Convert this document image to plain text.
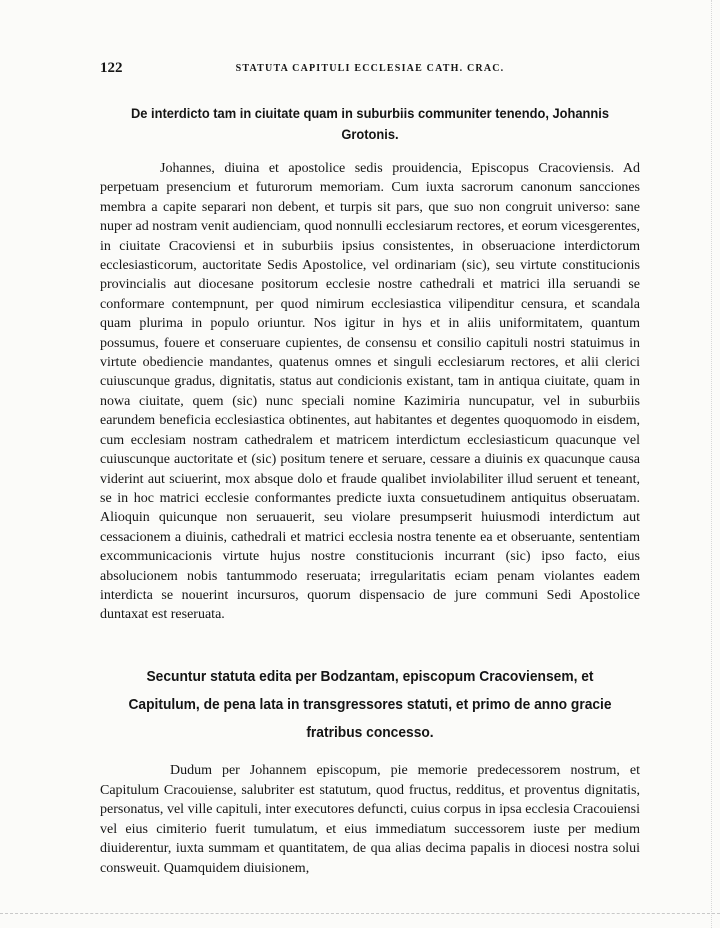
122	STATUTA CAPITULI ECCLESIAE CATH. CRAC.
De interdicto tam in ciuitate quam in suburbiis communiter tenendo, Johannis Grotonis.

Johannes, diuina et apostolice sedis prouidencia, Episcopus Cracoviensis. Ad perpetuam presencium et futurorum memoriam. Cum iuxta sacrorum canonum sancciones membra a capite separari non debent, et turpis sit pars, que suo non congruit universo: sane nuper ad nostram venit audienciam, quod nonnulli ecclesiarum rectores, et eorum vicesgerentes, in ciuitate Cracoviensi et in suburbiis ipsius consistentes, in obseruacione interdictorum ecclesiasticorum, auctoritate Sedis Apostolice, vel ordinariam (sic), seu virtute constitucionis provincialis aut diocesane positorum ecclesie nostre cathedrali et matrici illa seruandi se conformare contempnunt, per quod nimirum ecclesiastica vilipenditur censura, et scandala quam plurima in populo oriuntur. Nos igitur in hys et in aliis uniformitatem, quantum possumus, fouere et conseruare cupientes, de consensu et consilio capituli nostri statuimus in virtute obediencie mandantes, quatenus omnes et singuli ecclesiarum rectores, et alii clerici cuiuscunque gradus, dignitatis, status aut condicionis existant, tam in antiqua ciuitate, quam in nowa ciuitate, quem (sic) nunc speciali nomine Kazimiria nuncupatur, vel in suburbiis earundem beneficia ecclesiastica obtinentes, aut habitantes et degentes quoquomodo in eisdem, cum ecclesiam nostram cathedralem et matricem interdictum ecclesiasticum quacunque vel cuiuscunque auctoritate et (sic) positum tenere et seruare, cessare a diuinis ex quacunque causa viderint aut sciuerint, mox absque dolo et fraude qualibet inviolabiliter illud seruent et teneant, se in hoc matrici ecclesie conformantes predicte iuxta consuetudinem antiquitus obseruatam. Alioquin quicunque non seruauerit, seu violare presumpserit huiusmodi interdictum aut cessacionem a diuinis, cathedrali et matrici ecclesia nostra tenente ea et obseruante, sententiam excommunicacionis virtute hujus nostre constitucionis incurrant (sic) ipso facto, eius absolucionem nobis tantummodo reseruata; irregularitatis eciam penam violantes eadem interdicta se nouerint incursuros, quorum dispensacio de jure communi Sedi Apostolice duntaxat est reseruata.

Secuntur statuta edita per Bodzantam, episcopum Cracoviensem, et Capitulum, de pena lata in transgressores statuti, et primo de anno gracie fratribus concesso.

Dudum per Johannem episcopum, pie memorie predecessorem nostrum, et Capitulum Cracouiense, salubriter est statutum, quod fructus, redditus, et proventus dignitatis, personatus, vel ville capituli, inter executores defuncti, cuius corpus in ipsa ecclesia Cracouiensi vel eius cimiterio fuerit tumulatum, et eius immediatum successorem iuste per medium diuiderentur, iuxta summam et quantitatem, de qua alias decima papalis in diocesi nostra solui consweuit. Quamquidem diuisionem,
